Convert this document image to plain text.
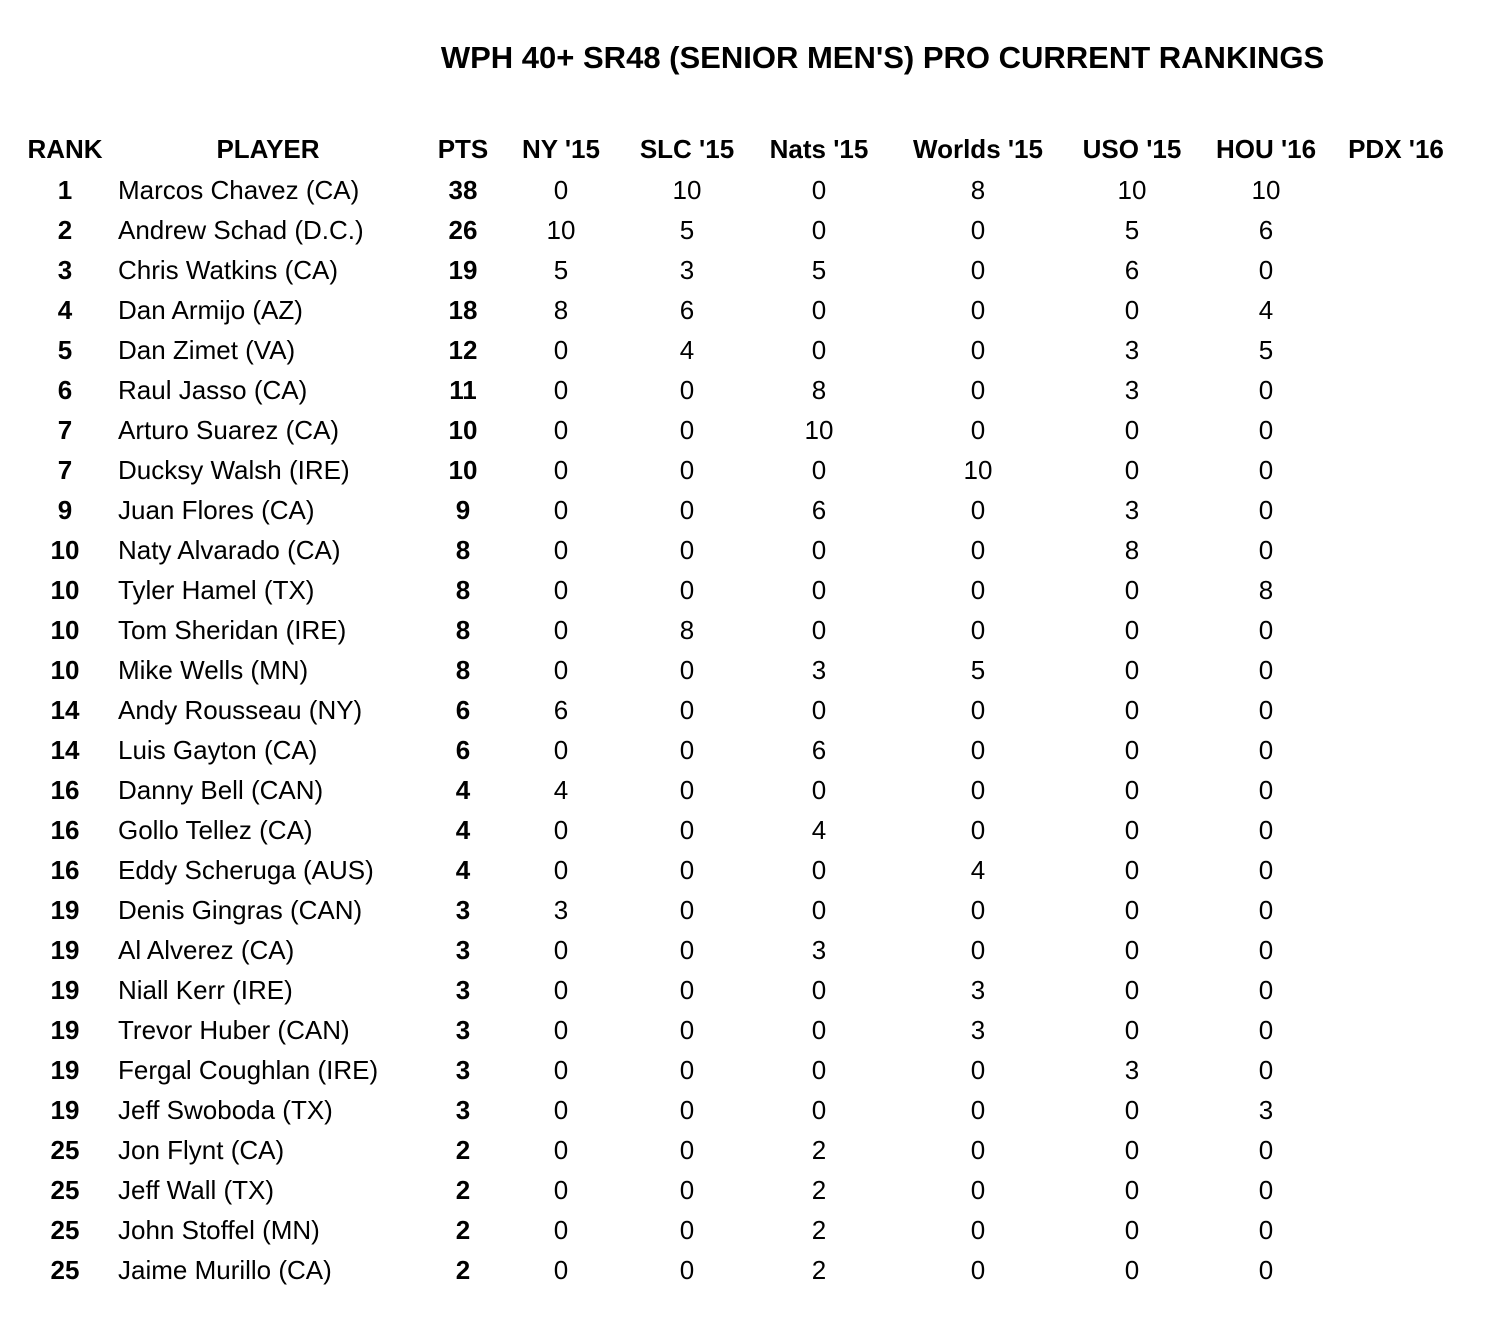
WPH 40+ SR48 (SENIOR MEN'S) PRO CURRENT RANKINGS
RANK	PLAYER	PTS	NY '15	SLC '15	Nats '15	Worlds '15	USO '15	HOU '16	PDX '16
1	Marcos Chavez (CA)	38	0	10	0	8	10	10	
2	Andrew Schad (D.C.)	26	10	5	0	0	5	6	
3	Chris Watkins (CA)	19	5	3	5	0	6	0	
4	Dan Armijo (AZ)	18	8	6	0	0	0	4	
5	Dan Zimet (VA)	12	0	4	0	0	3	5	
6	Raul Jasso (CA)	11	0	0	8	0	3	0	
7	Arturo Suarez (CA)	10	0	0	10	0	0	0	
7	Ducksy Walsh (IRE)	10	0	0	0	10	0	0	
9	Juan Flores (CA)	9	0	0	6	0	3	0	
10	Naty Alvarado (CA)	8	0	0	0	0	8	0	
10	Tyler Hamel (TX)	8	0	0	0	0	0	8	
10	Tom Sheridan (IRE)	8	0	8	0	0	0	0	
10	Mike Wells (MN)	8	0	0	3	5	0	0	
14	Andy Rousseau (NY)	6	6	0	0	0	0	0	
14	Luis Gayton (CA)	6	0	0	6	0	0	0	
16	Danny Bell (CAN)	4	4	0	0	0	0	0	
16	Gollo Tellez (CA)	4	0	0	4	0	0	0	
16	Eddy Scheruga (AUS)	4	0	0	0	4	0	0	
19	Denis Gingras (CAN)	3	3	0	0	0	0	0	
19	Al Alverez (CA)	3	0	0	3	0	0	0	
19	Niall Kerr (IRE)	3	0	0	0	3	0	0	
19	Trevor Huber (CAN)	3	0	0	0	3	0	0	
19	Fergal Coughlan (IRE)	3	0	0	0	0	3	0	
19	Jeff Swoboda (TX)	3	0	0	0	0	0	3	
25	Jon Flynt (CA)	2	0	0	2	0	0	0	
25	Jeff Wall (TX)	2	0	0	2	0	0	0	
25	John Stoffel (MN)	2	0	0	2	0	0	0	
25	Jaime Murillo (CA)	2	0	0	2	0	0	0	
